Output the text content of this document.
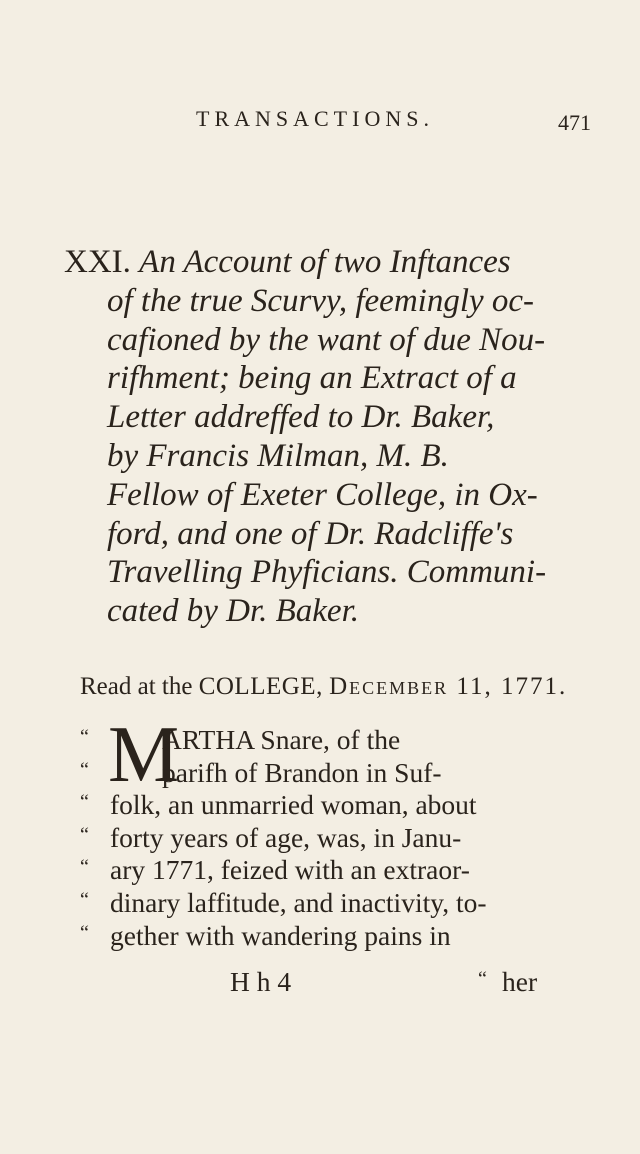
TRANSACTIONS.	471
XXI. An Account of two Inftances
of the true Scurvy, feemingly oc-
cafioned by the want of due Nou-
rifhment; being an Extract of a
Letter addreffed to Dr. Baker,
by Francis Milman, M. B.
Fellow of Exeter College, in Ox-
ford, and one of Dr. Radcliffe's
Travelling Phyficians. Communi-
cated by Dr. Baker.
Read at the COLLEGE, December 11, 1771.
M
“	ARTHA Snare, of the
“	parifh of Brandon in Suf-
“ folk, an unmarried woman, about
“ forty years of age, was, in Janu-
“ ary 1771, feized with an extraor-
“ dinary laffitude, and inactivity, to-
“ gether with wandering pains in
H h 4	“ her
